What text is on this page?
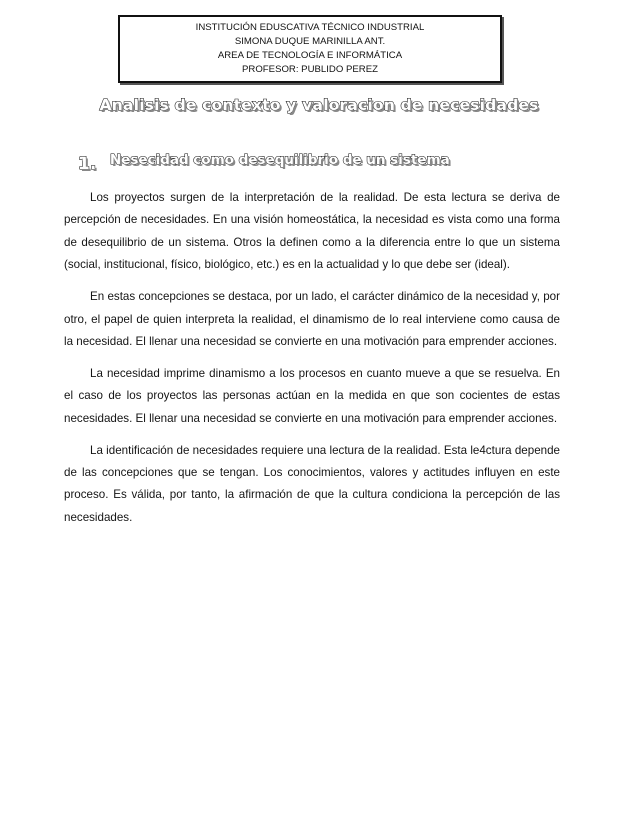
INSTITUCIÓN EDUSCATIVA TÉCNICO INDUSTRIAL
SIMONA DUQUE MARINILLA ANT.
AREA DE TECNOLOGÍA E INFORMÁTICA
PROFESOR: PUBLIDO PEREZ
Analisis de contexto y valoracion de necesidades
1. Nesecidad como desequilibrio de un sistema

Los proyectos surgen de la interpretación de la realidad. De esta lectura se deriva de percepción de necesidades. En una visión homeostática, la necesidad es vista como una forma de desequilibrio de un sistema. Otros la definen como a la diferencia entre lo que un sistema (social, institucional, físico, biológico, etc.) es en la actualidad y lo que debe ser (ideal).

En estas concepciones se destaca, por un lado, el carácter dinámico de la necesidad y, por otro, el papel de quien interpreta la realidad, el dinamismo de lo real interviene como causa de la necesidad. El llenar una necesidad se convierte en una motivación para emprender acciones.

La necesidad imprime dinamismo a los procesos en cuanto mueve a que se resuelva. En el caso de los proyectos las personas actúan en la medida en que son cocientes de estas necesidades. El llenar una necesidad se convierte en una motivación para emprender acciones.

La identificación de necesidades requiere una lectura de la realidad. Esta le4ctura depende de las concepciones que se tengan. Los conocimientos, valores y actitudes influyen en este proceso. Es válida, por tanto, la afirmación de que la cultura condiciona la percepción de las necesidades.
